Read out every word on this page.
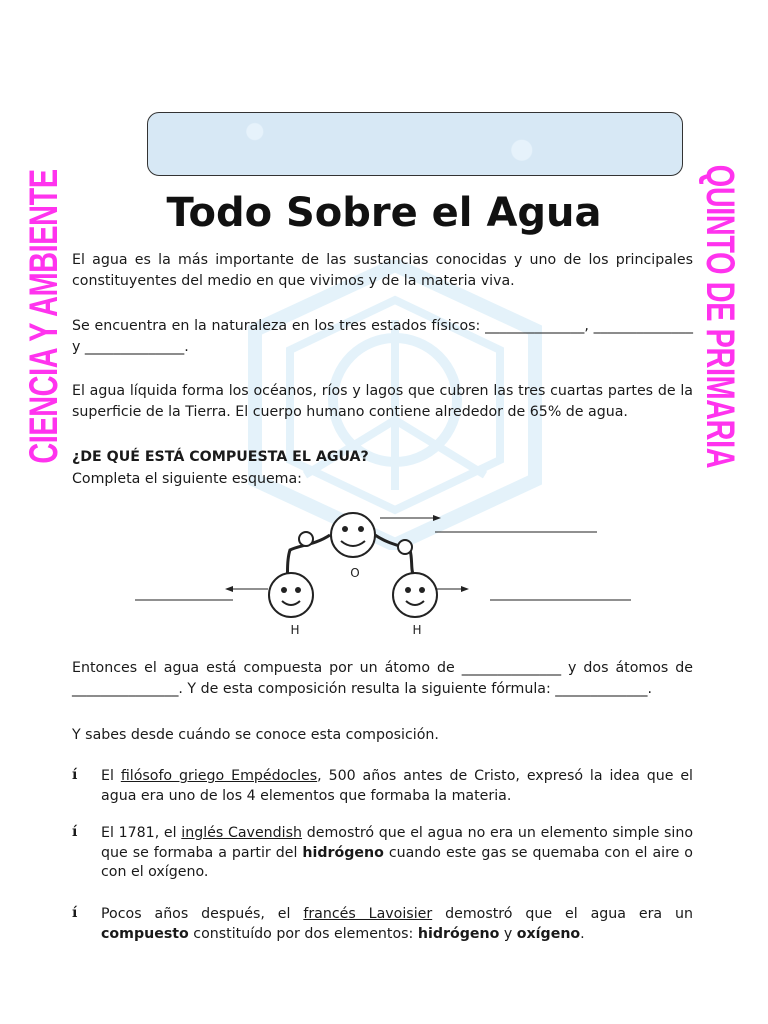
CIENCIA Y AMBIENTE	QUINTO DE PRIMARIA
Todo Sobre el Agua

El agua es la más importante de las sustancias conocidas y uno de los principales constituyentes del medio en que vivimos y de la materia viva.

Se encuentra en la naturaleza en los tres estados físicos: ______________, ______________ y ______________.

El agua líquida forma los océanos, ríos y lagos que cubren las tres cuartas partes de la superficie de la Tierra. El cuerpo humano contiene alrededor de 65% de agua.

¿DE QUÉ ESTÁ COMPUESTA EL AGUA?
Completa el siguiente esquema:
O
H	H

Entonces el agua está compuesta por un átomo de ______________ y dos átomos de _______________. Y de esta composición resulta la siguiente fórmula: _____________.

Y sabes desde cuándo se conoce esta composición.

í El filósofo griego Empédocles, 500 años antes de Cristo, expresó la idea que el agua era uno de los 4 elementos que formaba la materia.
í El 1781, el inglés Cavendish demostró que el agua no era un elemento simple sino que se formaba a partir del hidrógeno cuando este gas se quemaba con el aire o con el oxígeno.
í Pocos años después, el francés Lavoisier demostró que el agua era un compuesto constituído por dos elementos: hidrógeno y oxígeno.
